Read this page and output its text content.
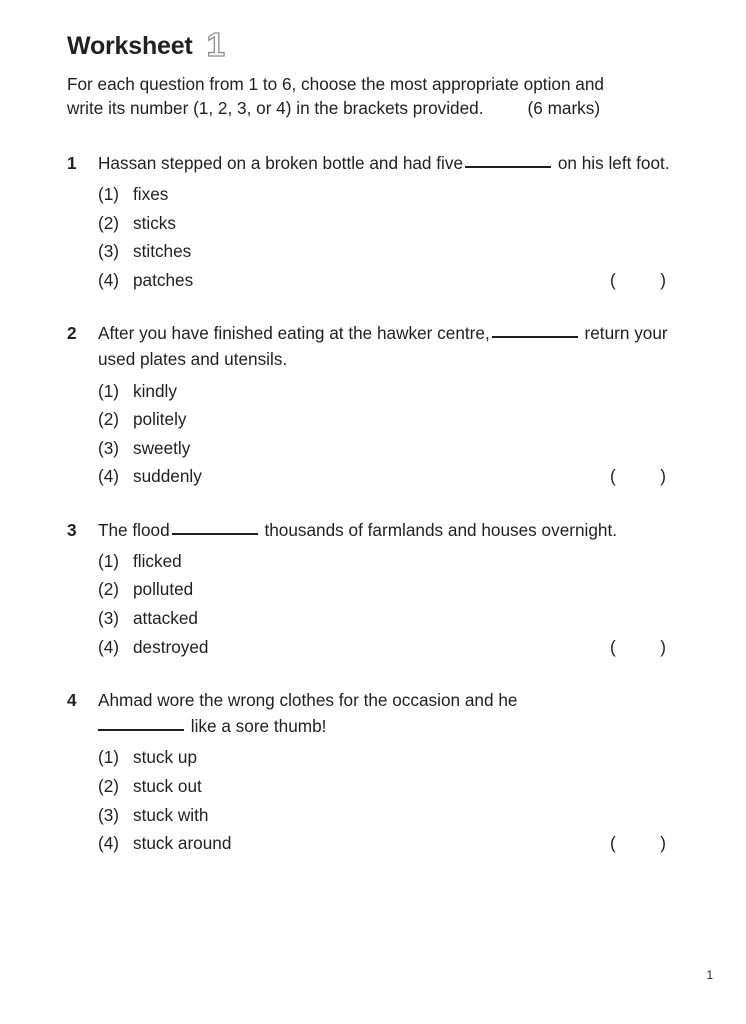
Worksheet 1
For each question from 1 to 6, choose the most appropriate option and
write its number (1, 2, 3, or 4) in the brackets provided.	(6 marks)
1	Hassan stepped on a broken bottle and had five	on his left foot.
(1) fixes
(2) sticks
(3) stitches
(4) patches	(	)
2	After you have finished eating at the hawker centre,	return your used plates and utensils.
(1) kindly
(2) politely
(3) sweetly
(4) suddenly	(	)
3	The flood	thousands of farmlands and houses overnight.
(1) flicked
(2) polluted
(3) attacked
(4) destroyed	(	)
4	Ahmad wore the wrong clothes for the occasion and he
like a sore thumb!
(1) stuck up
(2) stuck out
(3) stuck with
(4) stuck around	(	)
1
